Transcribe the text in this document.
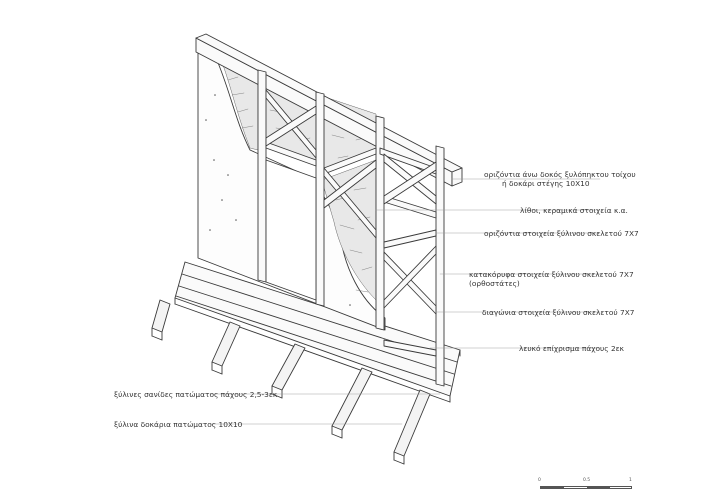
οριζόντια άνω δοκός ξυλόπηκτου τοίχου
ή δοκάρι στέγης 10Χ10
λίθοι, κεραμικά στοιχεία κ.α.
οριζόντια στοιχεία ξύλινου σκελετού 7Χ7
κατακόρυφα στοιχεία ξύλινου σκελετού 7Χ7
(ορθοστάτες)
διαγώνια στοιχεία ξύλινου σκελετού 7Χ7
λευκό επίχρισμα πάχους 2εκ
ξύλινες σανίδες πατώματος πάχους 2,5-3εκ
ξύλινα δοκάρια πατώματος 10Χ10
0	0.5	1
